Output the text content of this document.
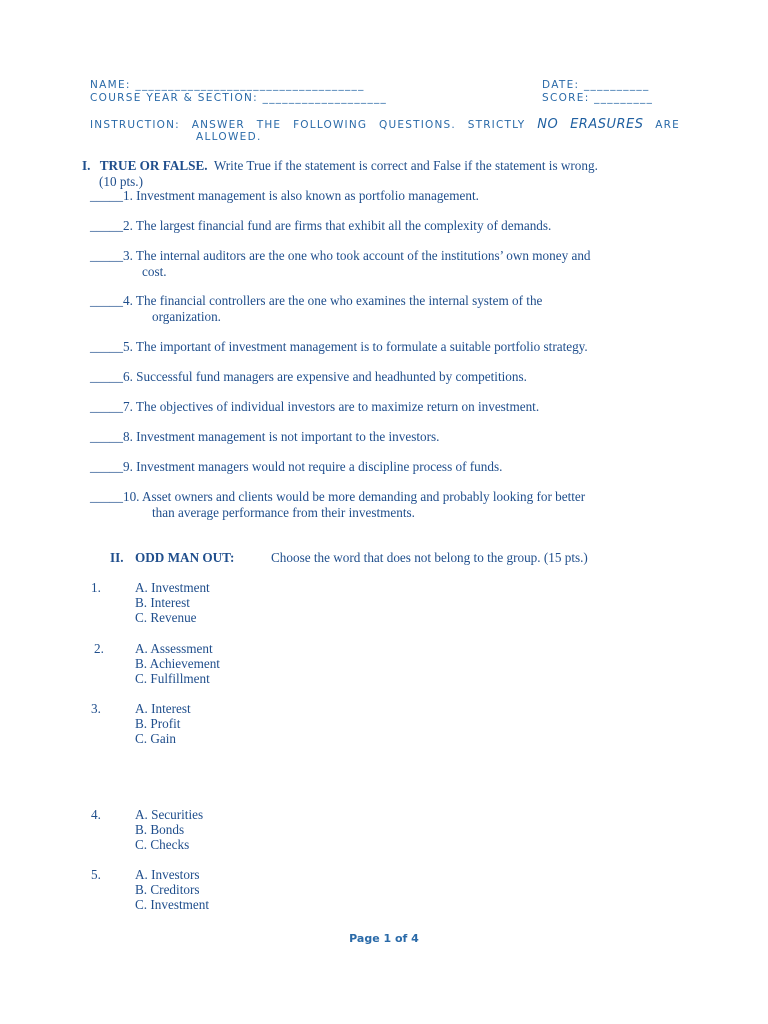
NAME: ___________________________________	DATE: __________
COURSE YEAR & SECTION: ___________________	SCORE: _________
INSTRUCTION: ANSWER THE FOLLOWING QUESTIONS. STRICTLY NO ERASURES ARE
ALLOWED.
I. TRUE OR FALSE. Write True if the statement is correct and False if the statement is wrong.
(10 pts.)
_____1. Investment management is also known as portfolio management.
_____2. The largest financial fund are firms that exhibit all the complexity of demands.
_____3. The internal auditors are the one who took account of the institutions’ own money and
cost.
_____4. The financial controllers are the one who examines the internal system of the
organization.
_____5. The important of investment management is to formulate a suitable portfolio strategy.
_____6. Successful fund managers are expensive and headhunted by competitions.
_____7. The objectives of individual investors are to maximize return on investment.
_____8. Investment management is not important to the investors.
_____9. Investment managers would not require a discipline process of funds.
_____10. Asset owners and clients would be more demanding and probably looking for better
than average performance from their investments.
II. ODD MAN OUT:	Choose the word that does not belong to the group. (15 pts.)
1.	A. Investment
B. Interest
C. Revenue
2. A. Assessment
B. Achievement
C. Fulfillment
3.	A. Interest
B. Profit
C. Gain
4.	A. Securities
B. Bonds
C. Checks
5.	A. Investors
B. Creditors
C. Investment
Page 1 of 4
